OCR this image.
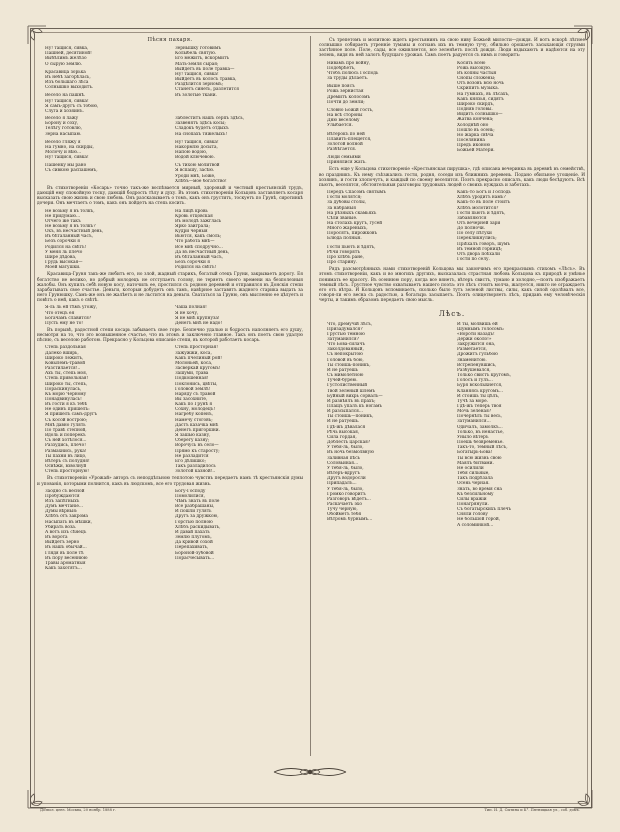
Пѣсня пахаря.
Ну! тащися, сивка,
Пашней, десятиной!
Выбѣлимъ желѣзо
О сырую землю.
Красавица зорька
Въ небѣ загорѣлась,
Изъ большаго лѣса
Солнышко выходитъ.
Весело на пашнѣ.
Ну! тащися, сивка!
Я самъ-другъ съ тобою,
Слуга и хозяинъ.
Зернышку готовимъ
Колыбель святую.
Его межитъ, вскормитъ
Мать-земля сырая;
Выйдетъ въ поле травка—
Ну! тащися, сивка!
Выйдетъ въ колосъ травка,
Раздѣлится зерномъ;
Станетъ синеть, разлетится
Въ золотые ткани.
Весело я лажу
Борону и соху,
Телѣгу готовлю,
Зерна насыпаю.
Весело гляжу я
На гумно, на скирды,
Молочу и вѣю...
Ну! тащися, сивка!
Пашенку мы рано
Съ сивкою распашемъ,
Заблеститъ нашъ серпъ здѣсь,
Зазвенятъ здѣсь косы;
Сладокъ будетъ отдыхъ
На снопахъ тяжелыхъ!
Ну! тащися, сивка!
Накормлю досыта,
Напою водою,
Водой ключевою.
Съ тихою молитвой
Я вспашу, засѣю.
Уроди мнѣ, Боже,
Хлѣбъ—мое богатство!
Въ стихотвореніи «Косарь» точно такъ-же воспѣвается мирный, здоровый и честный крестьянскій трудъ, дающій ему спокойную тоску, дающій бодрость тѣлу и духу. Въ этомъ стихотвореніи Кольцовъ заставляетъ косаря высказать свою жизнь и свою любовь. Онъ разсказываетъ о томъ, какъ онъ груститъ, тоскуетъ по Грунѣ, сиротинкѣ дочери. Онъ мечтаетъ о томъ, какъ онъ пойдетъ на степь косить.
Не возьму я въ толкъ,
Не придумаю...
Отчего же такъ
Не возьму я въ толкъ?
Охъ, въ несчастный день,
Въ бѣталанный часъ,
Безъ сорочки я
Родился на свѣтъ!
У меня ль плечо
Шире дѣдова,
Грудь высокая—
Моей матушки.
На лицѣ кровь
Кровь отцовская
Въ молодѣ зажглась
Ярко заиграла;
Кудри черныя
Вьются, какъ смоль;
Что работа мнѣ—
Все мнѣ сподручно...
Да въ несчастный день,
Въ бѣталанный часъ,
Безъ сорочки я
Родился на свѣтъ!
Красавица-Груня такъ-же любитъ его, но злой, жадный старикъ, богатый отецъ Груни, закрываетъ дорогу. Ея богатство не велико, но добрый молодецъ не отступаетъ голову, не теряетъ своего времени на безполезныя жалобы. Онъ купилъ себѣ новую косу, наточилъ ее, простился съ родною деревней и отправился въ Донскія степи зарабатывать свое счастье. Деньги, которыя добудетъ онъ тамъ, навѣрное заставятъ жадного старика выдать за него Грунюшку. Самъ-же онъ не жалѣетъ и не льстится на деньги. Свататься за Груню, онъ мысленно ее цѣлуетъ и повѣтъ о ней, какъ о свѣтѣ.
Я-ль ль ей тѣмъ угожу,
Что отецъ ея
Богачамъ славится?
Пусть ему не то!
Чаша полная!
Я не хочу,
Я не мнѣ крупнуза!
Денегъ мнѣ не надо!
Въ порывѣ, радостной степи косарь забываетъ свое горе. Безпечно удалью и бодрость наполняетъ его душу, несмотря на то, что это возвышенное счастье, что въ этомъ и заключено главное. Такъ онъ поетъ свою удалую пѣсню, съ веселою работою. Прекрасно у Кольцова описаніе степи, въ которой работаетъ косарь.
Степь раздольная
Далеко вширь,
Широко лежитъ,
Ковылемъ-травой
Разстилается!..
Ахъ ты, степь моя,
Степь привольная!
Широко ты, степь,
Пораскинулась,
Къ морю Черному
Понадвинулась!
Въ гости я къ тебѣ
Не одинъ пришелъ:
Я пришелъ самъ-другъ
Съ косой вострою;
Мнѣ давно гулять
По травѣ степной,
Вдоль и поперекъ
Съ ней хотѣлося...
Раззудись, плечо!
Размахнись, рука!
Ты пахни въ лицо,
Вѣтеръ съ полудня!
Освѣжи, взволнуй
Степь просторную!
Степь просторная!
Зажужжи, коса,
Какъ пчелиный рой!
Молоньей, коса,
Засверкай кругомъ!
Зашуми, трава
Подкошенная!
Поклонись, цвѣты,
Головой землѣ!
Наряду съ травой
Вы засохните,
Какъ по Грунѣ я
Сохну, молодецъ!
Нагребу копенъ,
Намечу стоговъ;
Дастъ казачка мнѣ
Денегъ пригоршни.
Я зашью казну,
Сберегу казну;
Ворочусь въ село—
Прямо къ старосту;
Не разладится
Его дѣлишко;
Такъ разладилось
Золотой казной!..
Въ стихотвореніи «Урожай» авторъ съ неподдѣльною теплотою чувствъ передаетъ намъ тѣ крестьянскія думы и упованія, которыми полнится, какъ въ людскомъ, все его трудовая жизнь.
Заодно съ весной
Пробуждаются
Изъ запѣтныхъ
Думъ мечтаніе...
Думы вѣрныя:
Хлѣбъ отъ закрома
Насыпать въ мѣшки,
Убирать воза.
А вотъ изъ сѣнецъ
Въ ворота
Выйдетъ зерно
Въ нашъ обычай...
Глядя въ поле тѣ
Въ пору весеннюю
Травы ароматныя
Какъ захотятъ...
Богу-Господу
Помолилися,
Чѣмъ знать въ поле
Все разбрашаны,
И пошли гулять
Другъ за дружкою,
Горстью полною
Хлѣбъ раскидывать,
И давай пахать
Землю плугомъ,
Да кривой сохой
Перепахивать,
Бороной-зубовой
Порасчесывать...
Съ трепетомъ и молитвою ждетъ крестьянинъ на свою ниву Божьей милости—дождя. И вотъ вскорѣ лѣтнее солнышко собираетъ утренніе туманы и согнавъ ихъ въ темную тучу, обильно орошаетъ засыхающія струями застѣнное поле. Поле, сады, все оживляется, все зеленѣетъ послѣ дождя. Люди вздыхаютъ и надѣются на эту зелень, видя въ ней залогъ будущаго урожая. Самъ поетъ радуется съ нимъ и говоритъ:
Нивамъ про войну,
Подобрѣетъ,
Чтобъ полюсь Господь
За труды дѣлаетъ.
Выше поясъ
Рожь зернистая
Дремитъ колосомъ
Почти до земли;
Словно Божій гость,
На всѣ стороны
Дню веселому
Улыбается.
Вѣтерокъ по ней
Плавитъ-плещется,
Золотой волной
Разбѣгается.
Люди семьями
Принялися жать.
Косить всею
Рожь высокую.
Въ копны частыя
Снопы сложены;
Отъ возовъ всю ночь
Скрипитъ музыка.
На гумнахъ, въ лѣсахъ,
Какъ князья, сидятъ
Широко скирдъ,
Подняв головы.
Видитъ солнышко—
Жатва кончена;
Холоднѣй оно
Пошло въ осень;
Но жарка свѣча
Поселянина
Предъ иконою
Божьей Матери.
Есть еще у Кольцова стихотвореніе «Крестьянская пирушка», гдѣ описана вечеринка въ деревнѣ въ семействѣ, во праздникъ. Къ нему съѣзжались гости, родня, соседи изъ ближнихъ деревень. Подано обильное угощеніе. И хозяинъ, и гости хлопочутъ, и каждый по своему веселится. Поэтъ прекрасно описалъ, какъ люди бесѣдуютъ. Всѣ пьютъ, веселятся, обстоятельныя разговоры трудовыхъ людей о своихъ нуждахъ и заботахъ.
Передъ Спасомъ святымъ
Гости молятся;
За дубовы столы,
За набраныя
На рѣзныхъ скамьяхъ
Сѣли званые.
На столахъ кругъ, гусей
Много жареныхъ,
Поросятъ, пирожковъ
Блюда полныя.
Гости пьютъ и ѣдятъ,
Рѣчи говорятъ
Про хлѣбъ ране,
Про старину.
Какъ-то Богъ и Господь
Хлѣбъ уродитъ намъ?
Какъ-то въ поле стоитъ
Хлѣбъ молотится?
Гости пьютъ и ѣдятъ,
Забавляются
Отъ вечерней зари
До полночи.
По селу пѣтухи
Перекликнулись;
Пріѣхалъ говоръ, шумъ
Въ темной горницѣ;
Отъ двора поѣхали
Гости по селу.
Рядъ разсмотрѣнныхъ нами стихотвореній Кольцова мы закончимъ его прекраснымъ стихомъ «Лѣсъ». Въ этомъ стихотвореніи, какъ и во многихъ другихъ, высказалась страстная любовь Кольцова къ природѣ и умѣнье понимать ее красоту. Въ осеннюю пору, когда все вянетъ, вѣтеръ свистъ, тумано и холодно,—поэтъ изображаетъ темный лѣсъ. Грустное чувство охватываетъ нашего поэта: это лѣсъ стоитъ молча, жалуется, никто не ограждаетъ его отъ вѣтра. И Кольцовъ вспоминаетъ, сколько было тутъ зеленой листвы, силы, какъ силой одолѣвалъ все, говоря-ли его весна съ радостью, а богатырь засыпаетъ. Поэтъ олицетворяетъ лѣсъ, придавъ ему человѣческія черты, и такимъ образомъ передаетъ свою мысль.
Лѣсъ.
Что, дремучій лѣсъ,
Призадумался?
Грустью темною
Затуманился?
Что Бова-силачъ
Заколдованный,
Съ непокрытою
Головой въ бою,
Ты стоишь-поникъ,
И не ратуешь
Съ мимолетною
Тучей-бурею.
Густолиственный
Твой зеленый шлемъ
Буйный вихрь сорвалъ—
И развѣялъ въ прахъ;
Плащъ упалъ къ ногамъ
И разсыпался...
Ты стоишь—поникъ,
И не ратуешь.
Гдѣ-жъ дѣвалася
Рѣчь высокая,
Сила гордая,
Доблесть царская?
У тебя-ль, было,
Въ ночь безмолвную
Заливная пѣсь
Соловьиная...
У тебя-ль, было,
Вѣтеръ-вдругъ
Другъ водоросли
Припадалъ...
У тебя-ль, было,
Громко говоритъ
Разговоръ вѣдетъ...
Раскачаетъ эхо
Тучу черную,
Обойметъ тебя
Вѣтромъ бурнымъ...
И ты, молвишь ей
Шумнымъ голосомъ:
«Вороти назадъ!
Держи около!»
Закружится она,
Разметается,
Дрожитъ гульбою
Знаменитою.
Встрепенувшись,
Разбушевался,
Только свистъ кругомъ,
Голосъ и гулъ...
Буря всколыхнется,
Кланяясь кругомъ...
И стоишь ты цѣлъ,
Тучѣ за море.
Гдѣ-жъ теперь твоя
Мочь зеленая?
Почернѣлъ ты весь,
Затуманился...
Одичалъ, замолкъ...
Только, въ ненастье,
Уныло вѣтеръ
Поешь безвременье.
Такъ-то, темный лѣсъ,
Богатырь-Бова!
Ты всю жизнь свою
Маялъ битвами.
Не осилили
Тебя сильные,
Такъ подрѣзала
Осень черная.
Знать, во время сна
Къ безсильному
Силы вражіи
Понагрянули.
Съ богатырскихъ плечъ
Сняли голову
Не большой горой,
А соломинкой...
Дозвол. ценз. Москва, 20 ноябр. 1888 г.	Тип. И. Д. Сытина и К°. Пятницкая ул., соб. домъ.
